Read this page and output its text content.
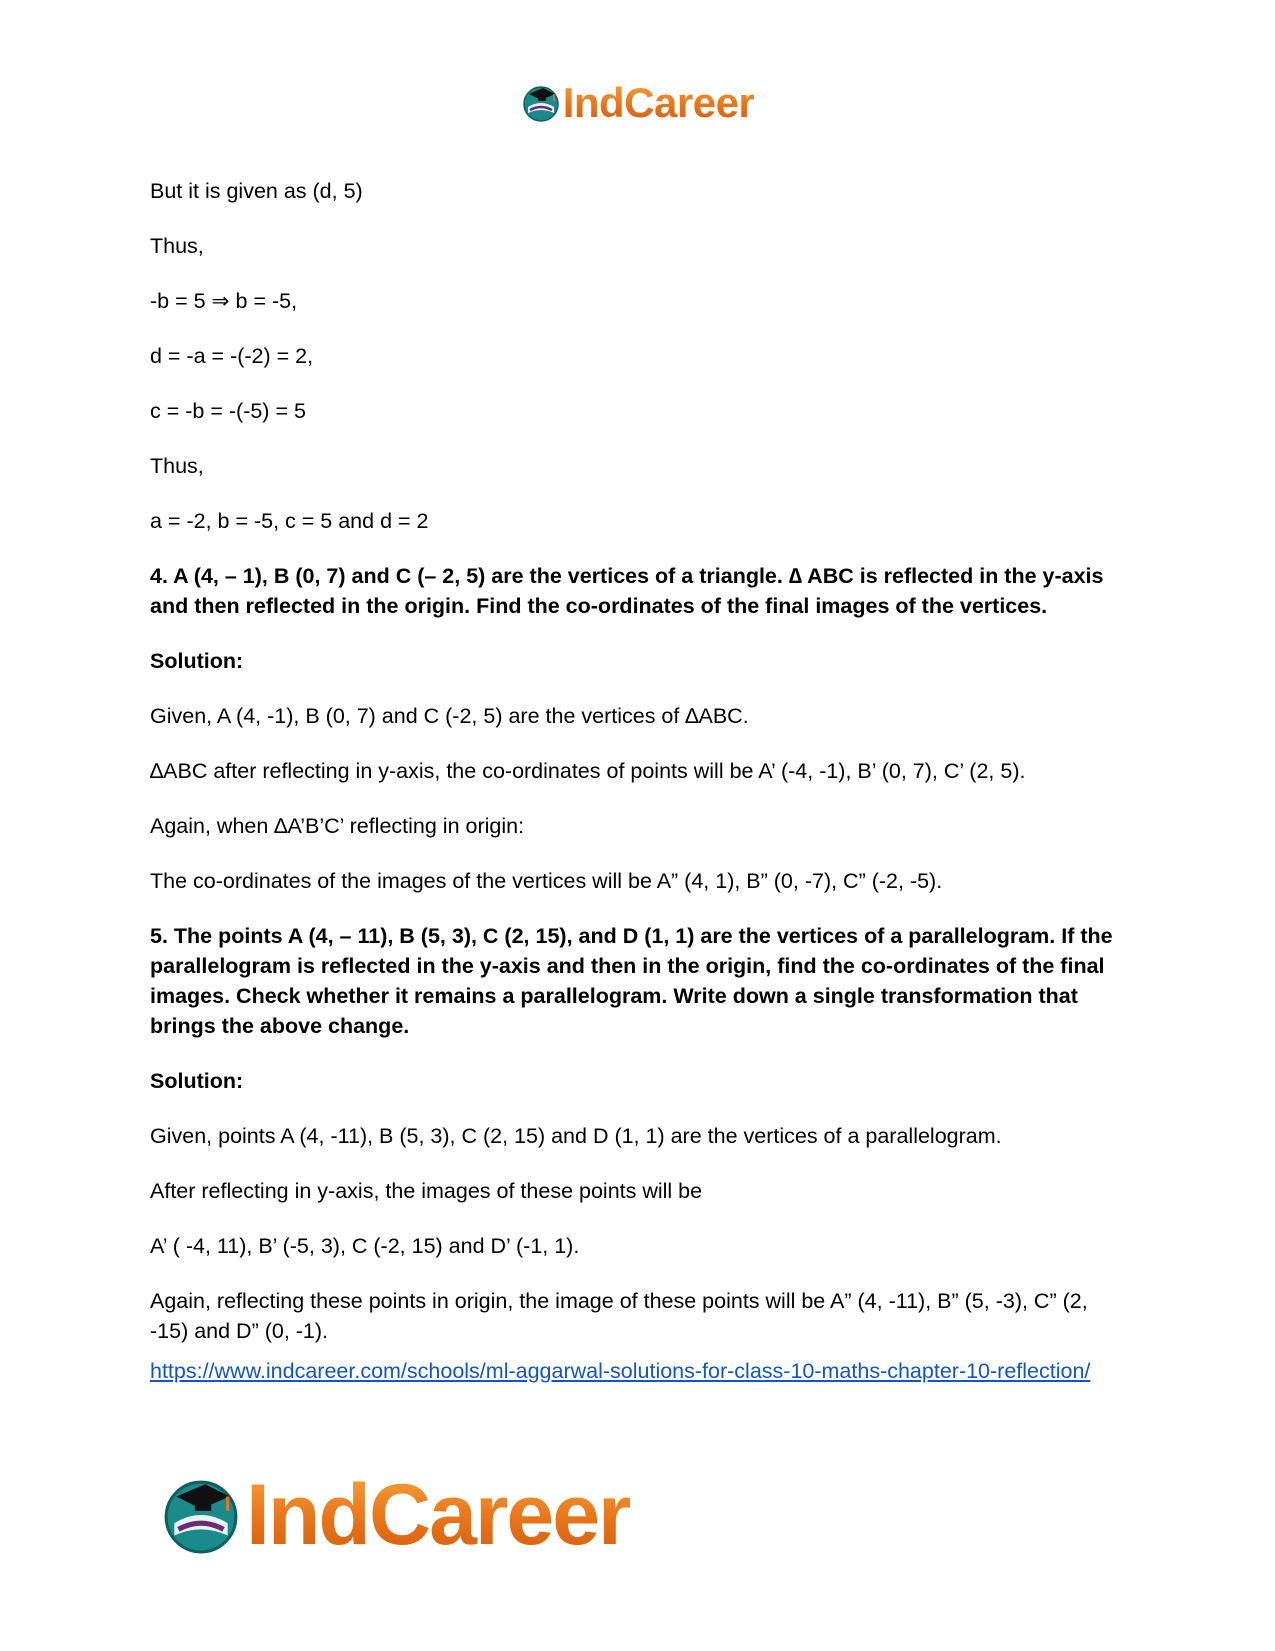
IndCareer

But it is given as (d, 5)

Thus,

-b = 5 ⇒ b = -5,

d = -a = -(-2) = 2,

c = -b = -(-5) = 5

Thus,

a = -2, b = -5, c = 5 and d = 2

4. A (4, – 1), B (0, 7) and C (– 2, 5) are the vertices of a triangle. ∆ ABC is reflected in the y-axis and then reflected in the origin. Find the co-ordinates of the final images of the vertices.

Solution:

Given, A (4, -1), B (0, 7) and C (-2, 5) are the vertices of ∆ABC.

∆ABC after reflecting in y-axis, the co-ordinates of points will be A’ (-4, -1), B’ (0, 7), C’ (2, 5).

Again, when ∆A’B’C’ reflecting in origin:

The co-ordinates of the images of the vertices will be A” (4, 1), B” (0, -7), C” (-2, -5).

5. The points A (4, – 11), B (5, 3), C (2, 15), and D (1, 1) are the vertices of a parallelogram. If the parallelogram is reflected in the y-axis and then in the origin, find the co-ordinates of the final images. Check whether it remains a parallelogram. Write down a single transformation that brings the above change.

Solution:

Given, points A (4, -11), B (5, 3), C (2, 15) and D (1, 1) are the vertices of a parallelogram.

After reflecting in y-axis, the images of these points will be

A’ ( -4, 11), B’ (-5, 3), C (-2, 15) and D’ (-1, 1).

Again, reflecting these points in origin, the image of these points will be A” (4, -11), B” (5, -3), C” (2, -15) and D” (0, -1).

https://www.indcareer.com/schools/ml-aggarwal-solutions-for-class-10-maths-chapter-10-reflection/
IndCareer
